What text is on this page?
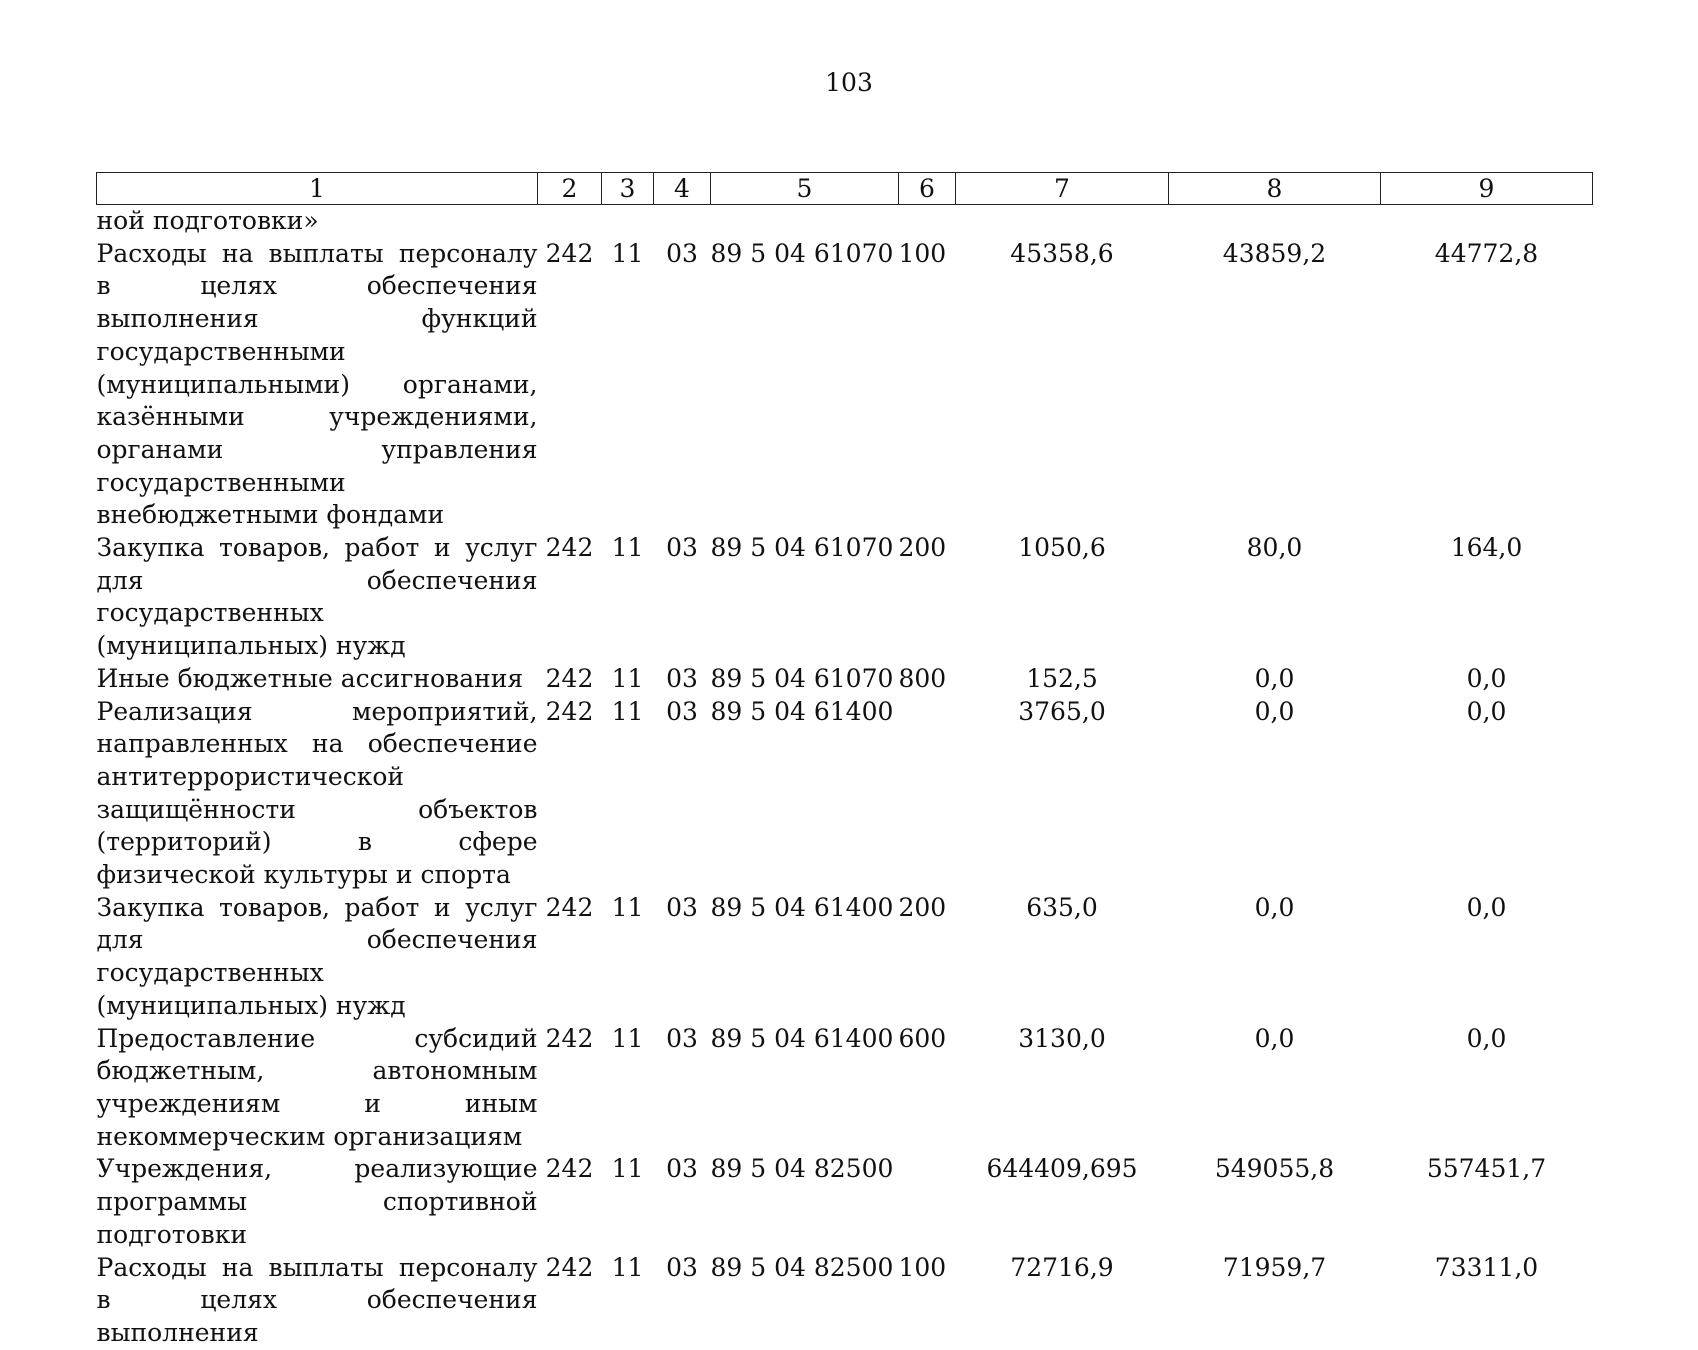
103
1	2	3	4	5	6	7	8	9
ной подготовки»								
Расходы на выплаты персоналу в целях обеспечения выполнения функций государственными (муниципальными) органами, казёнными учреждениями, органами управления государственными внебюджетными фондами	242	11	03	89 5 04 61070	100	45358,6	43859,2	44772,8
Закупка товаров, работ и услуг для обеспечения государственных (муниципальных) нужд	242	11	03	89 5 04 61070	200	1050,6	80,0	164,0
Иные бюджетные ассигнования	242	11	03	89 5 04 61070	800	152,5	0,0	0,0
Реализация мероприятий, направленных на обеспечение антитеррористической защищённости объектов (территорий) в сфере физической культуры и спорта	242	11	03	89 5 04 61400		3765,0	0,0	0,0
Закупка товаров, работ и услуг для обеспечения государственных (муниципальных) нужд	242	11	03	89 5 04 61400	200	635,0	0,0	0,0
Предоставление субсидий бюджетным, автономным учреждениям и иным некоммерческим организациям	242	11	03	89 5 04 61400	600	3130,0	0,0	0,0
Учреждения, реализующие программы спортивной подготовки	242	11	03	89 5 04 82500		644409,695	549055,8	557451,7
Расходы на выплаты персоналу в целях обеспечения выполнения	242	11	03	89 5 04 82500	100	72716,9	71959,7	73311,0
